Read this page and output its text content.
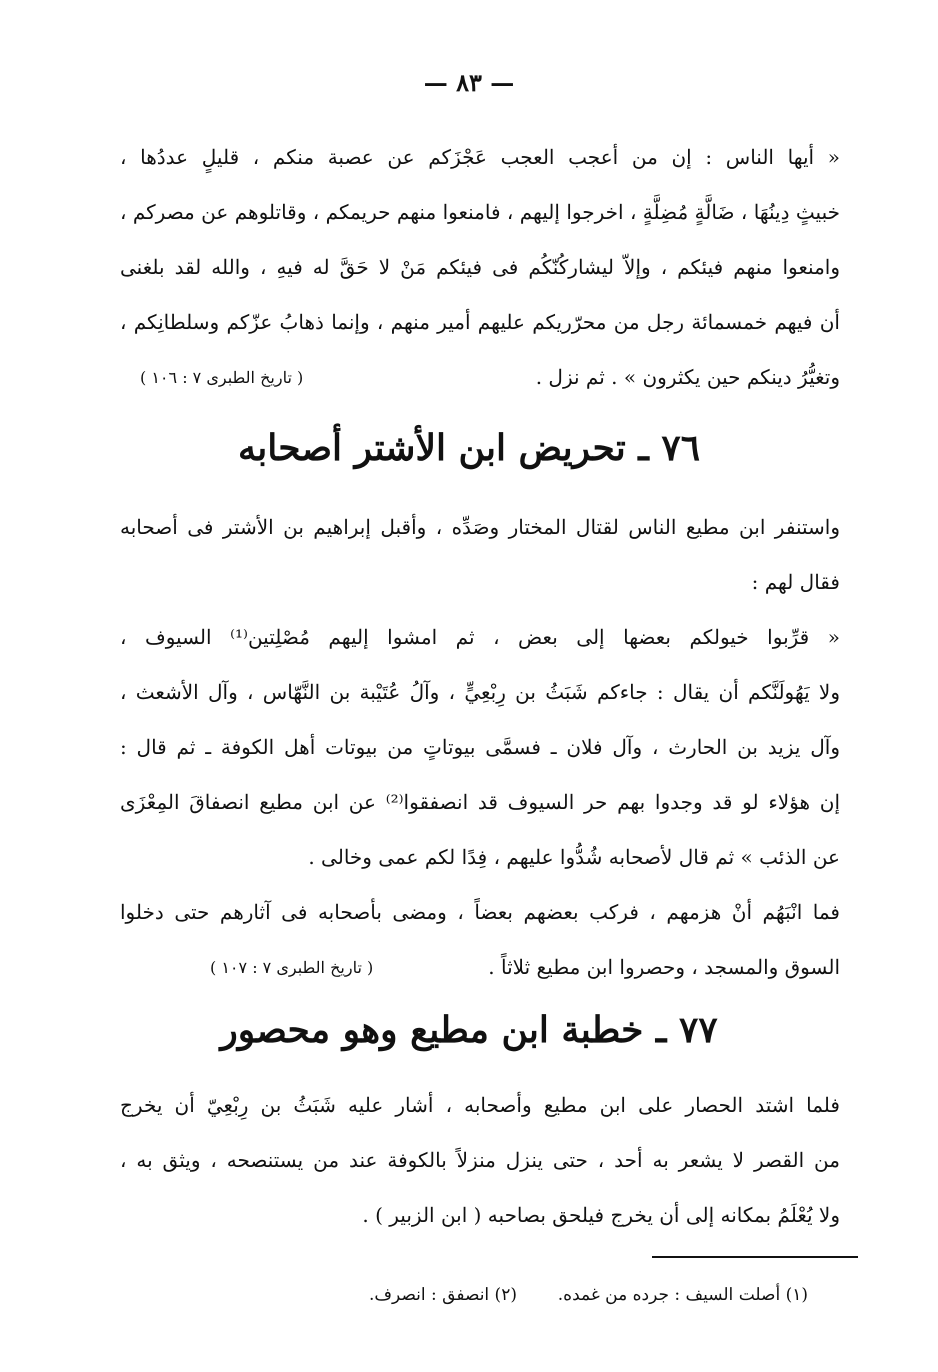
— ٨٣ —
« أيها الناس : إن من أعجب العجب عَجْزَكم عن عصبة منكم ، قليلٍ عددُها ،
خبيثٍ دِينُهَا ، ضَالَّةٍ مُضِلَّةٍ ، اخرجوا إليهم ، فامنعوا منهم حريمكم ، وقاتلوهم عن مصركم ،
وامنعوا منهم فيئكم ، وإلاّ ليشاركُنّكُم فى فيئكم مَنْ لا حَقَّ له فيهِ ، والله لقد بلغنى
أن فيهم خمسمائة رجل من محرّريكم عليهم أمير منهم ، وإنما ذهابُ عزّكم وسلطانِكم ،
وتغيُّرُ دينكم حين يكثرون » . ثم نزل .
( تاريخ الطبرى ٧ : ١٠٦ )
٧٦ ـ تحريض ابن الأشتر أصحابه
واستنفر ابن مطيع الناس لقتال المختار وصَدِّه ، وأقبل إبراهيم بن الأشتر فى أصحابه
فقال لهم :
« قرِّبوا خيولكم بعضها إلى بعض ، ثم امشوا إليهم مُصْلِتين⁽¹⁾ السيوف ،
ولا يَهُولَنَّكم أن يقال : جاءكم شَبَثُ بن رِبْعِيٍّ ، وآلُ عُتَيْبة بن النَّهّاس ، وآل الأشعث ،
وآل يزيد بن الحارث ، وآل فلان ـ فسمَّى بيوتاتٍ من بيوتات أهل الكوفة ـ ثم قال :
إن هؤلاء لو قد وجدوا بهم حر السيوف قد انصفقوا⁽²⁾ عن ابن مطيع انصفاقَ المِعْزَى
عن الذئب » ثم قال لأصحابه شُدُّوا عليهم ، فِدًا لكم عمى وخالى .
فما انْبَهُم أنْ هزمهم ، فركب بعضهم بعضاً ، ومضى بأصحابه فى آثارهم حتى دخلوا
السوق والمسجد ، وحصروا ابن مطيع ثلاثاً .
( تاريخ الطبرى ٧ : ١٠٧ )
٧٧ ـ خطبة ابن مطيع وهو محصور
فلما اشتد الحصار على ابن مطيع وأصحابه ، أشار عليه شَبَثُ بن رِبْعِيّ أن يخرج
من القصر لا يشعر به أحد ، حتى ينزل منزلاً بالكوفة عند من يستنصحه ، ويثق به ،
ولا يُعْلَمُ بمكانه إلى أن يخرج فيلحق بصاحبه ( ابن الزبير ) .
(١) أصلت السيف : جرده من غمده.  (٢) انصفق : انصرف.
